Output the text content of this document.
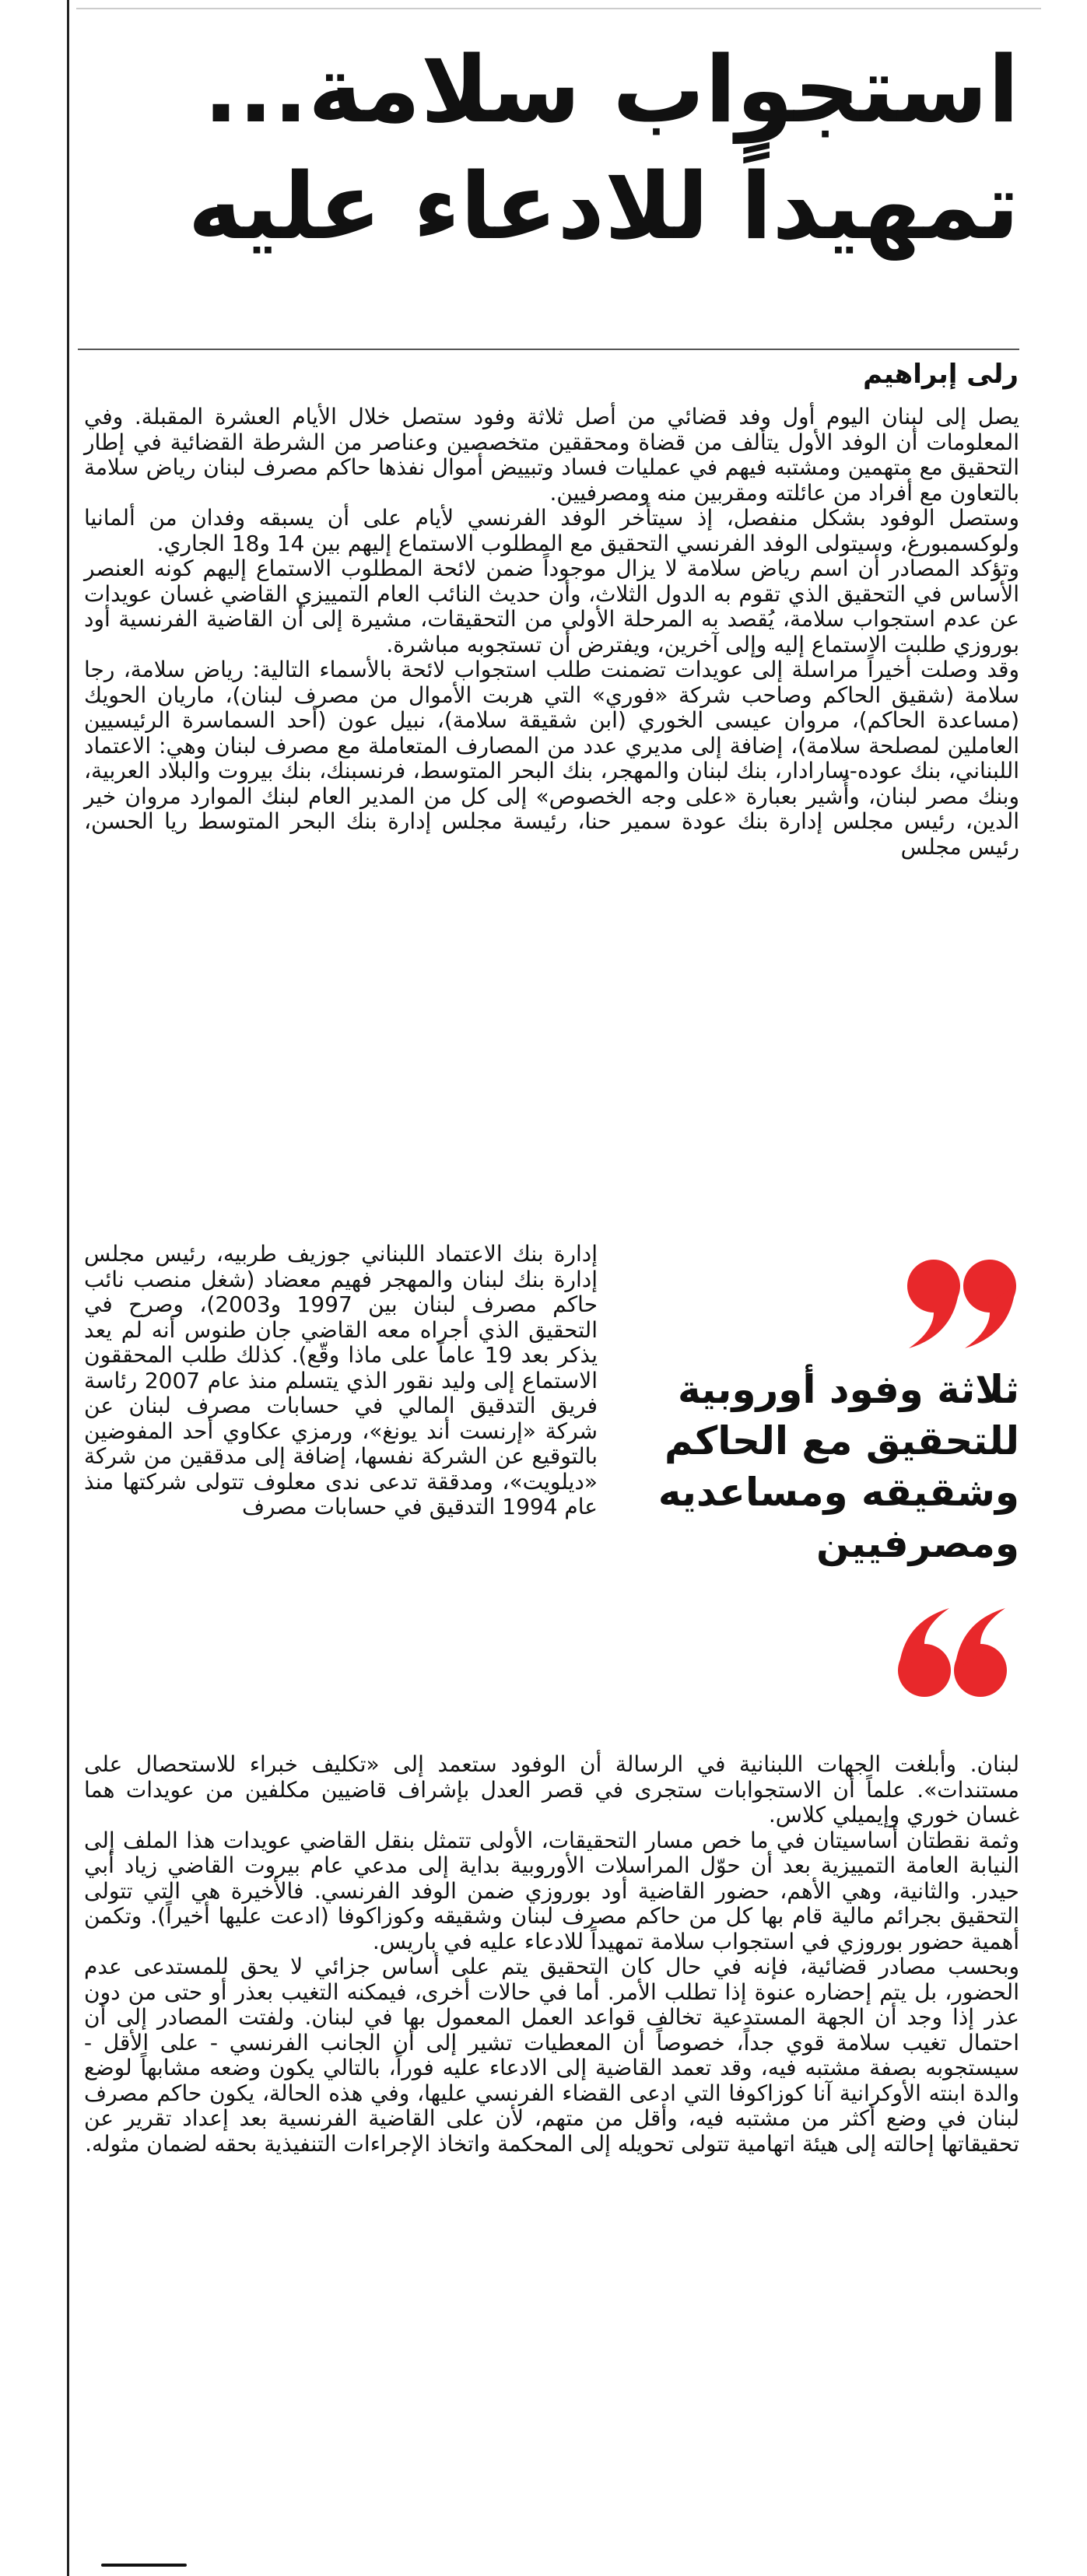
استجواب سلامة...
تمهيداً للادعاء عليه
رلى إبراهيم

يصل إلى لبنان اليوم أول وفد قضائي من أصل ثلاثة وفود ستصل خلال الأيام العشرة المقبلة. وفي المعلومات أن الوفد الأول يتألف من قضاة ومحققين متخصصين وعناصر من الشرطة القضائية في إطار التحقيق مع متهمين ومشتبه فيهم في عمليات فساد وتبييض أموال نفذها حاكم مصرف لبنان رياض سلامة بالتعاون مع أفراد من عائلته ومقربين منه ومصرفيين.

وستصل الوفود بشكل منفصل، إذ سيتأخر الوفد الفرنسي لأيام على أن يسبقه وفدان من ألمانيا ولوكسمبورغ، وسيتولى الوفد الفرنسي التحقيق مع المطلوب الاستماع إليهم بين 14 و18 الجاري.

وتؤكد المصادر أن اسم رياض سلامة لا يزال موجوداً ضمن لائحة المطلوب الاستماع إليهم كونه العنصر الأساس في التحقيق الذي تقوم به الدول الثلاث، وأن حديث النائب العام التمييزي القاضي غسان عويدات عن عدم استجواب سلامة، يُقصد به المرحلة الأولى من التحقيقات، مشيرة إلى أن القاضية الفرنسية أود بوروزي طلبت الاستماع إليه وإلى آخرين، ويفترض أن تستجوبه مباشرة.

وقد وصلت أخيراً مراسلة إلى عويدات تضمنت طلب استجواب لائحة بالأسماء التالية: رياض سلامة، رجا سلامة (شقيق الحاكم وصاحب شركة «فوري» التي هربت الأموال من مصرف لبنان)، ماريان الحويك (مساعدة الحاكم)، مروان عيسى الخوري (ابن شقيقة سلامة)، نبيل عون (أحد السماسرة الرئيسيين العاملين لمصلحة سلامة)، إضافة إلى مديري عدد من المصارف المتعاملة مع مصرف لبنان وهي: الاعتماد اللبناني، بنك عوده-سارادار، بنك لبنان والمهجر، بنك البحر المتوسط، فرنسبنك، بنك بيروت والبلاد العربية، وبنك مصر لبنان، وأُشير بعبارة «على وجه الخصوص» إلى كل من المدير العام لبنك الموارد مروان خير الدين، رئيس مجلس إدارة بنك عودة سمير حنا، رئيسة مجلس إدارة بنك البحر المتوسط ريا الحسن، رئيس مجلس

إدارة بنك الاعتماد اللبناني جوزيف طربيه، رئيس مجلس إدارة بنك لبنان والمهجر فهيم معضاد (شغل منصب نائب حاكم مصرف لبنان بين 1997 و2003)، وصرح في التحقيق الذي أجراه معه القاضي جان طنوس أنه لم يعد يذكر بعد 19 عاماً على ماذا وقّع). كذلك طلب المحققون الاستماع إلى وليد نقور الذي يتسلم منذ عام 2007 رئاسة فريق التدقيق المالي في حسابات مصرف لبنان عن شركة «إرنست أند يونغ»، ورمزي عكاوي أحد المفوضين بالتوقيع عن الشركة نفسها، إضافة إلى مدققين من شركة «ديلويت»، ومدققة تدعى ندى معلوف تتولى شركتها منذ عام 1994 التدقيق في حسابات مصرف

ثلاثة وفود أوروبية للتحقيق مع الحاكم وشقيقه ومساعديه ومصرفيين

لبنان. وأبلغت الجهات اللبنانية في الرسالة أن الوفود ستعمد إلى «تكليف خبراء للاستحصال على مستندات». علماً أن الاستجوابات ستجرى في قصر العدل بإشراف قاضيين مكلفين من عويدات هما غسان خوري وإيميلي كلاس.

وثمة نقطتان أساسيتان في ما خص مسار التحقيقات، الأولى تتمثل بنقل القاضي عويدات هذا الملف إلى النيابة العامة التمييزية بعد أن حوّل المراسلات الأوروبية بداية إلى مدعي عام بيروت القاضي زياد أبي حيدر. والثانية، وهي الأهم، حضور القاضية أود بوروزي ضمن الوفد الفرنسي. فالأخيرة هي التي تتولى التحقيق بجرائم مالية قام بها كل من حاكم مصرف لبنان وشقيقه وكوزاكوفا (ادعت عليها أخيراً). وتكمن أهمية حضور بوروزي في استجواب سلامة تمهيداً للادعاء عليه في باريس.

وبحسب مصادر قضائية، فإنه في حال كان التحقيق يتم على أساس جزائي لا يحق للمستدعى عدم الحضور، بل يتم إحضاره عنوة إذا تطلب الأمر. أما في حالات أخرى، فيمكنه التغيب بعذر أو حتى من دون عذر إذا وجد أن الجهة المستدعية تخالف قواعد العمل المعمول بها في لبنان. ولفتت المصادر إلى أن احتمال تغيب سلامة قوي جداً، خصوصاً أن المعطيات تشير إلى أن الجانب الفرنسي - على الأقل - سيستجوبه بصفة مشتبه فيه، وقد تعمد القاضية إلى الادعاء عليه فوراً، بالتالي يكون وضعه مشابهاً لوضع والدة ابنته الأوكرانية آنا كوزاكوفا التي ادعى القضاء الفرنسي عليها، وفي هذه الحالة، يكون حاكم مصرف لبنان في وضع أكثر من مشتبه فيه، وأقل من متهم، لأن على القاضية الفرنسية بعد إعداد تقرير عن تحقيقاتها إحالته إلى هيئة اتهامية تتولى تحويله إلى المحكمة واتخاذ الإجراءات التنفيذية بحقه لضمان مثوله.
